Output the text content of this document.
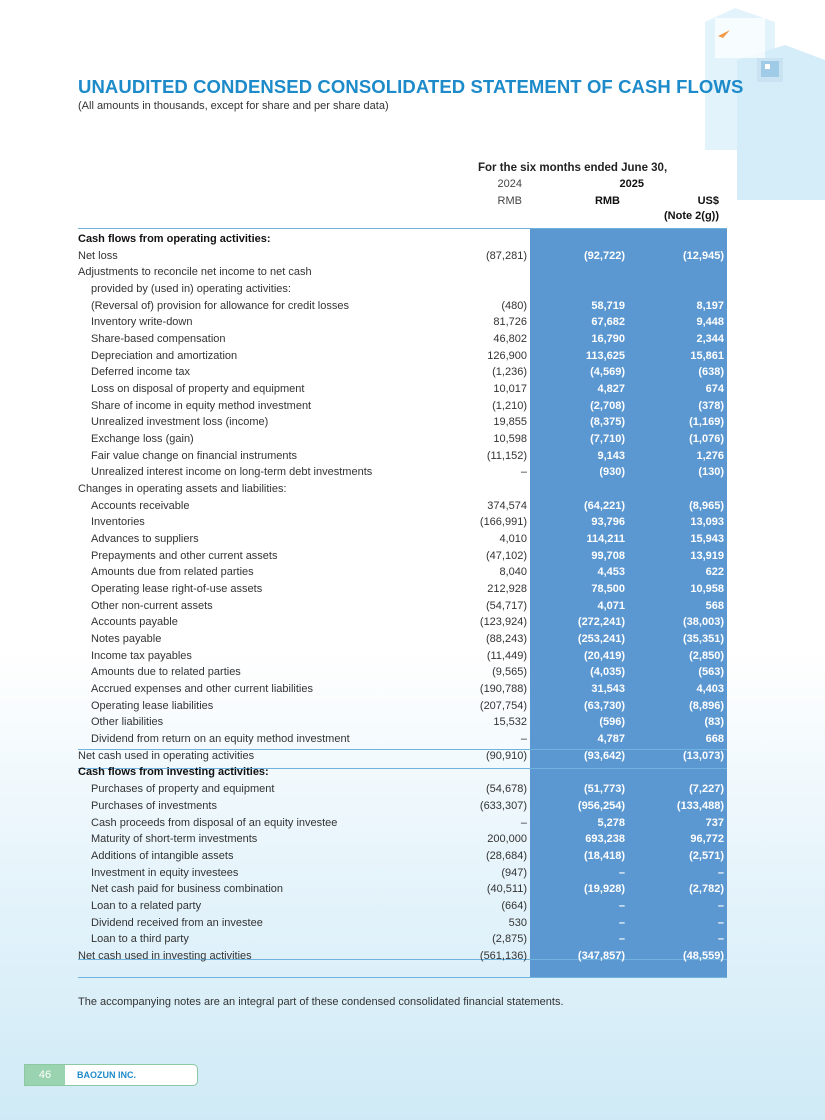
UNAUDITED CONDENSED CONSOLIDATED STATEMENT OF CASH FLOWS
(All amounts in thousands, except for share and per share data)
For the six months ended June 30,
2024	2025
RMB	RMB	US$
(Note 2(g))
Cash flows from operating activities:
Net loss	(87,281)	(92,722)	(12,945)
Adjustments to reconcile net income to net cash
provided by (used in) operating activities:
(Reversal of) provision for allowance for credit losses	(480)	58,719	8,197
Inventory write-down	81,726	67,682	9,448
Share-based compensation	46,802	16,790	2,344
Depreciation and amortization	126,900	113,625	15,861
Deferred income tax	(1,236)	(4,569)	(638)
Loss on disposal of property and equipment	10,017	4,827	674
Share of income in equity method investment	(1,210)	(2,708)	(378)
Unrealized investment loss (income)	19,855	(8,375)	(1,169)
Exchange loss (gain)	10,598	(7,710)	(1,076)
Fair value change on financial instruments	(11,152)	9,143	1,276
Unrealized interest income on long-term debt investments	–	(930)	(130)
Changes in operating assets and liabilities:
Accounts receivable	374,574	(64,221)	(8,965)
Inventories	(166,991)	93,796	13,093
Advances to suppliers	4,010	114,211	15,943
Prepayments and other current assets	(47,102)	99,708	13,919
Amounts due from related parties	8,040	4,453	622
Operating lease right-of-use assets	212,928	78,500	10,958
Other non-current assets	(54,717)	4,071	568
Accounts payable	(123,924)	(272,241)	(38,003)
Notes payable	(88,243)	(253,241)	(35,351)
Income tax payables	(11,449)	(20,419)	(2,850)
Amounts due to related parties	(9,565)	(4,035)	(563)
Accrued expenses and other current liabilities	(190,788)	31,543	4,403
Operating lease liabilities	(207,754)	(63,730)	(8,896)
Other liabilities	15,532	(596)	(83)
Dividend from return on an equity method investment	–	4,787	668
Net cash used in operating activities	(90,910)	(93,642)	(13,073)
Cash flows from investing activities:
Purchases of property and equipment	(54,678)	(51,773)	(7,227)
Purchases of investments	(633,307)	(956,254)	(133,488)
Cash proceeds from disposal of an equity investee	–	5,278	737
Maturity of short-term investments	200,000	693,238	96,772
Additions of intangible assets	(28,684)	(18,418)	(2,571)
Investment in equity investees	(947)	–	–
Net cash paid for business combination	(40,511)	(19,928)	(2,782)
Loan to a related party	(664)	–	–
Dividend received from an investee	530	–	–
Loan to a third party	(2,875)	–	–
Net cash used in investing activities	(561,136)	(347,857)	(48,559)
The accompanying notes are an integral part of these condensed consolidated financial statements.
46	BAOZUN INC.
